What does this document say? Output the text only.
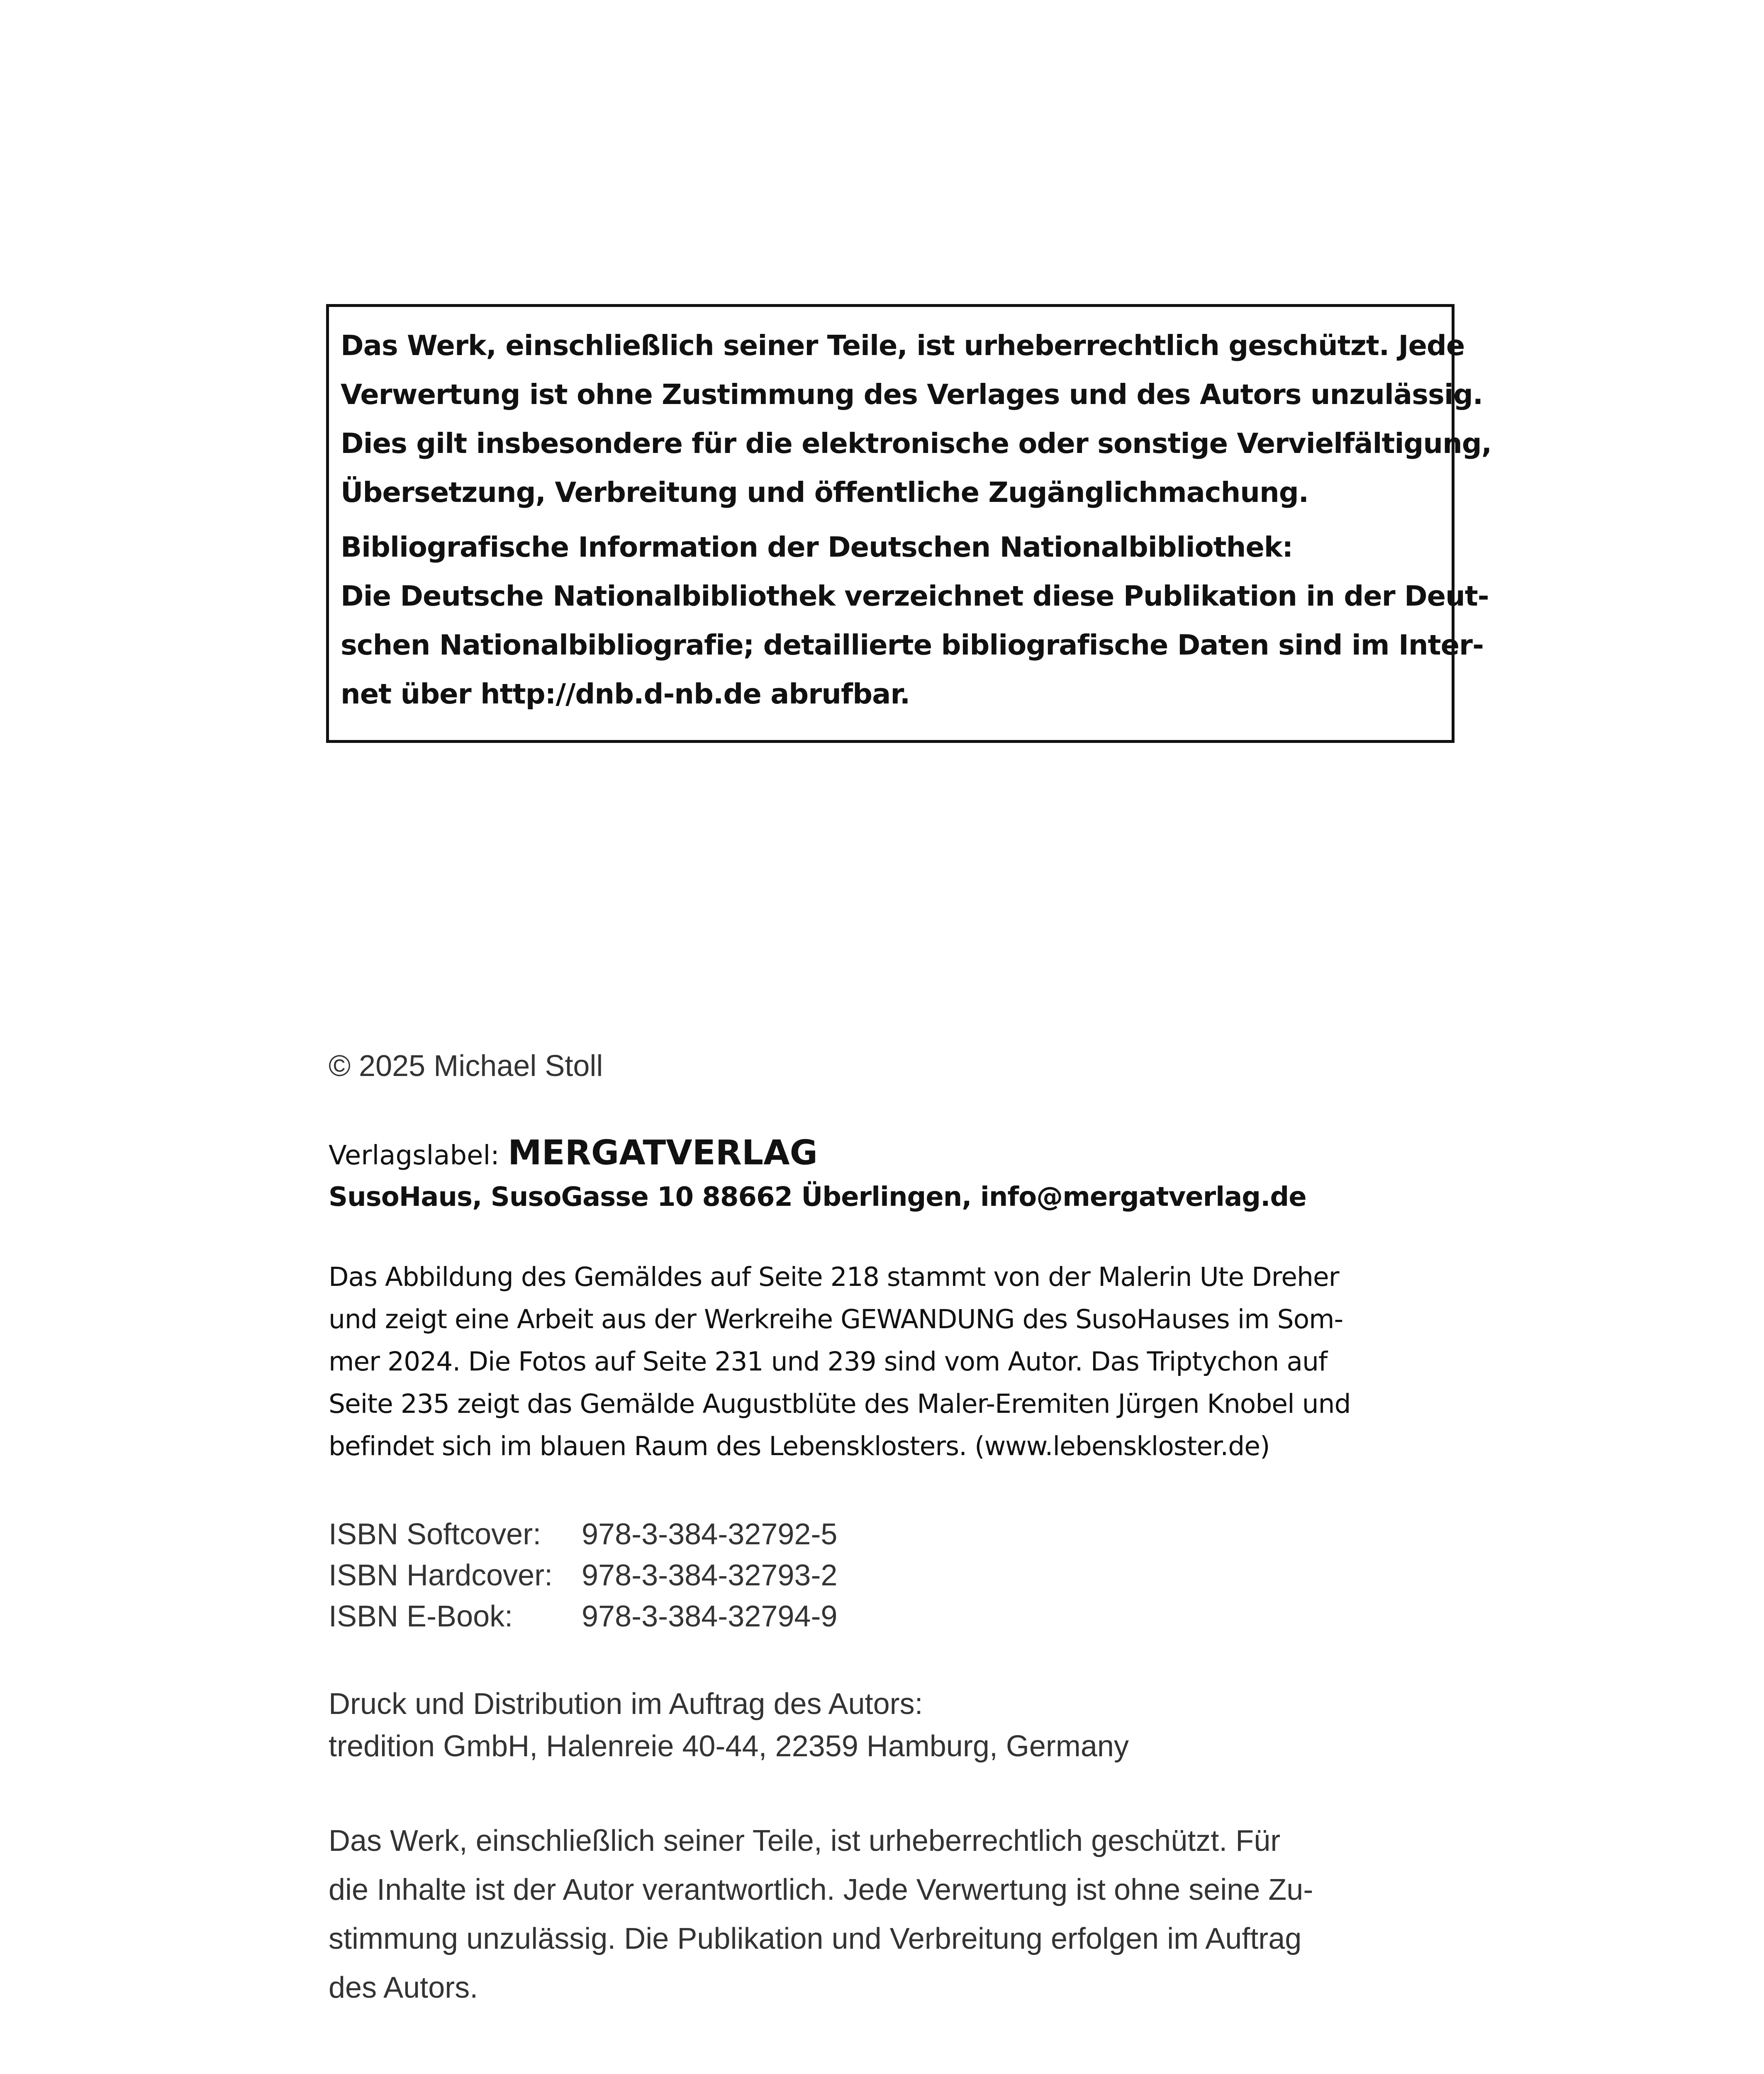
Das Werk, einschließlich seiner Teile, ist urheberrechtlich geschützt. Jede
Verwertung ist ohne Zustimmung des Verlages und des Autors unzulässig.
Dies gilt insbesondere für die elektronische oder sonstige Vervielfältigung,
Übersetzung, Verbreitung und öffentliche Zugänglichmachung.
Bibliografische Information der Deutschen Nationalbibliothek:
Die Deutsche Nationalbibliothek verzeichnet diese Publikation in der Deut-
schen Nationalbibliografie; detaillierte bibliografische Daten sind im Inter-
net über http://dnb.d-nb.de abrufbar.
© 2025 Michael Stoll
Verlagslabel: MERGATVERLAG
SusoHaus, SusoGasse 10 88662 Überlingen, info@mergatverlag.de
Das Abbildung des Gemäldes auf Seite 218 stammt von der Malerin Ute Dreher
und zeigt eine Arbeit aus der Werkreihe GEWANDUNG des SusoHauses im Som-
mer 2024. Die Fotos auf Seite 231 und 239 sind vom Autor. Das Triptychon auf
Seite 235 zeigt das Gemälde Augustblüte des Maler-Eremiten Jürgen Knobel und
befindet sich im blauen Raum des Lebensklosters. (www.lebenskloster.de)
ISBN Softcover:	978-3-384-32792-5
ISBN Hardcover: 978-3-384-32793-2
ISBN E-Book:	978-3-384-32794-9
Druck und Distribution im Auftrag des Autors:
tredition GmbH, Halenreie 40-44, 22359 Hamburg, Germany
Das Werk, einschließlich seiner Teile, ist urheberrechtlich geschützt. Für
die Inhalte ist der Autor verantwortlich. Jede Verwertung ist ohne seine Zu-
stimmung unzulässig. Die Publikation und Verbreitung erfolgen im Auftrag
des Autors.
